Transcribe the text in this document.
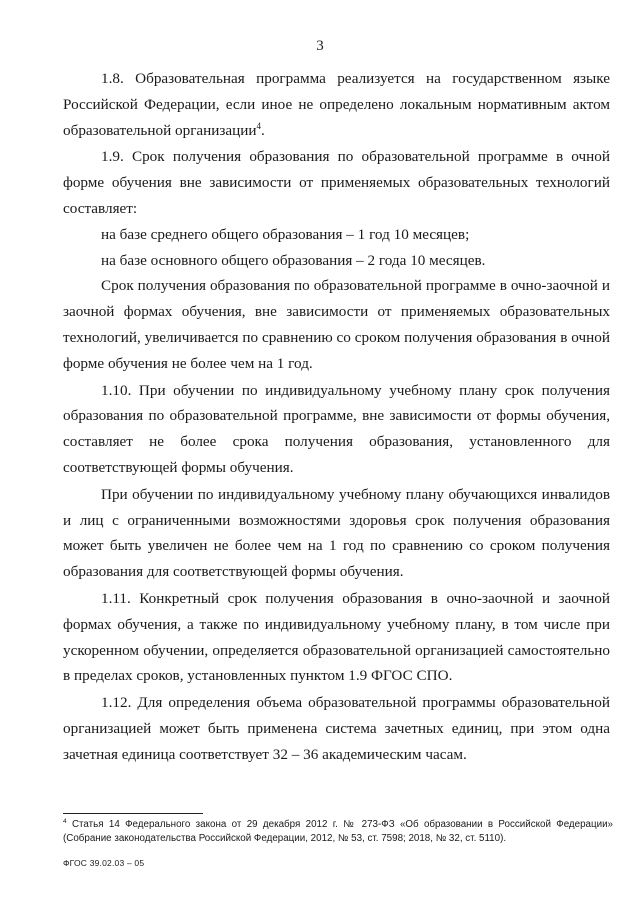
3

1.8. Образовательная программа реализуется на государственном языке Российской Федерации, если иное не определено локальным нормативным актом образовательной организации$^4$.

1.9. Срок получения образования по образовательной программе в очной форме обучения вне зависимости от применяемых образовательных технологий составляет:

на базе среднего общего образования – 1 год 10 месяцев;

на базе основного общего образования – 2 года 10 месяцев.

Срок получения образования по образовательной программе в очно-заочной и заочной формах обучения, вне зависимости от применяемых образовательных технологий, увеличивается по сравнению со сроком получения образования в очной форме обучения не более чем на 1 год.

1.10. При обучении по индивидуальному учебному плану срок получения образования по образовательной программе, вне зависимости от формы обучения, составляет не более срока получения образования, установленного для соответствующей формы обучения.

При обучении по индивидуальному учебному плану обучающихся инвалидов и лиц с ограниченными возможностями здоровья срок получения образования может быть увеличен не более чем на 1 год по сравнению со сроком получения образования для соответствующей формы обучения.

1.11. Конкретный срок получения образования в очно-заочной и заочной формах обучения, а также по индивидуальному учебному плану, в том числе при ускоренном обучении, определяется образовательной организацией самостоятельно в пределах сроков, установленных пунктом 1.9 ФГОС СПО.

1.12. Для определения объема образовательной программы образовательной организацией может быть применена система зачетных единиц, при этом одна зачетная единица соответствует 32 – 36 академическим часам.

$^4$ Статья 14 Федерального закона от 29 декабря 2012 г. № 273-ФЗ «Об образовании в Российской Федерации» (Собрание законодательства Российской Федерации, 2012, № 53, ст. 7598; 2018, № 32, ст. 5110).
ФГОС 39.02.03 – 05
